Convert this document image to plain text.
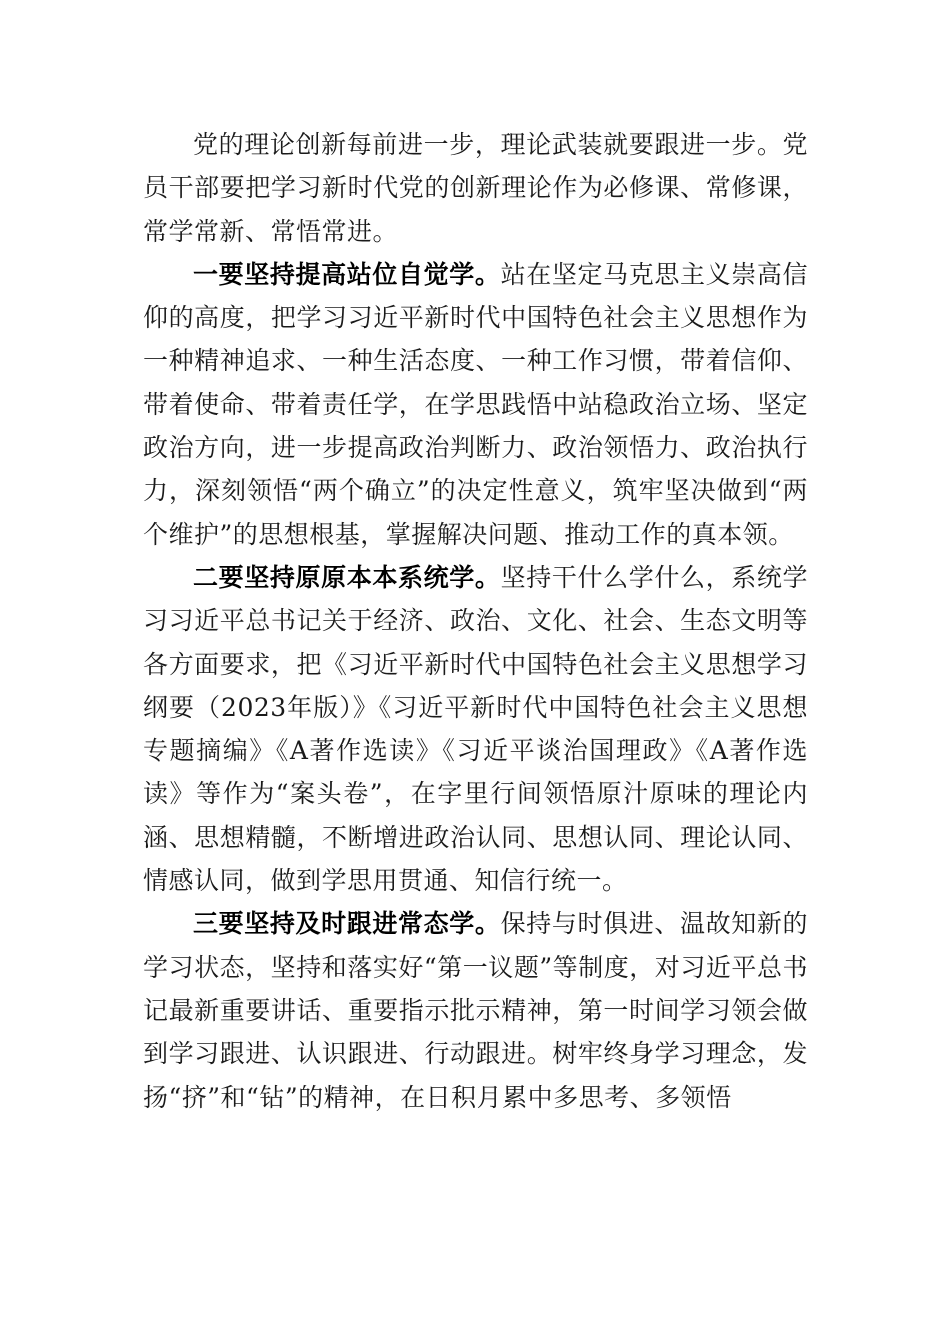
党的理论创新每前进一步，理论武装就要跟进一步。党员干部要把学习新时代党的创新理论作为必修课、常修课，常学常新、常悟常进。

一要坚持提高站位自觉学。站在坚定马克思主义崇高信仰的高度，把学习习近平新时代中国特色社会主义思想作为一种精神追求、一种生活态度、一种工作习惯，带着信仰、带着使命、带着责任学，在学思践悟中站稳政治立场、坚定政治方向，进一步提高政治判断力、政治领悟力、政治执行力，深刻领悟“两个确立”的决定性意义，筑牢坚决做到“两个维护”的思想根基，掌握解决问题、推动工作的真本领。

二要坚持原原本本系统学。坚持干什么学什么，系统学习习近平总书记关于经济、政治、文化、社会、生态文明等各方面要求，把《习近平新时代中国特色社会主义思想学习纲要（2023年版）》《习近平新时代中国特色社会主义思想专题摘编》《A著作选读》《习近平谈治国理政》《A著作选读》等作为“案头卷”，在字里行间领悟原汁原味的理论内涵、思想精髓，不断增进政治认同、思想认同、理论认同、情感认同，做到学思用贯通、知信行统一。

三要坚持及时跟进常态学。保持与时俱进、温故知新的学习状态，坚持和落实好“第一议题”等制度，对习近平总书记最新重要讲话、重要指示批示精神，第一时间学习领会做到学习跟进、认识跟进、行动跟进。树牢终身学习理念，发扬“挤”和“钻”的精神，在日积月累中多思考、多领悟
